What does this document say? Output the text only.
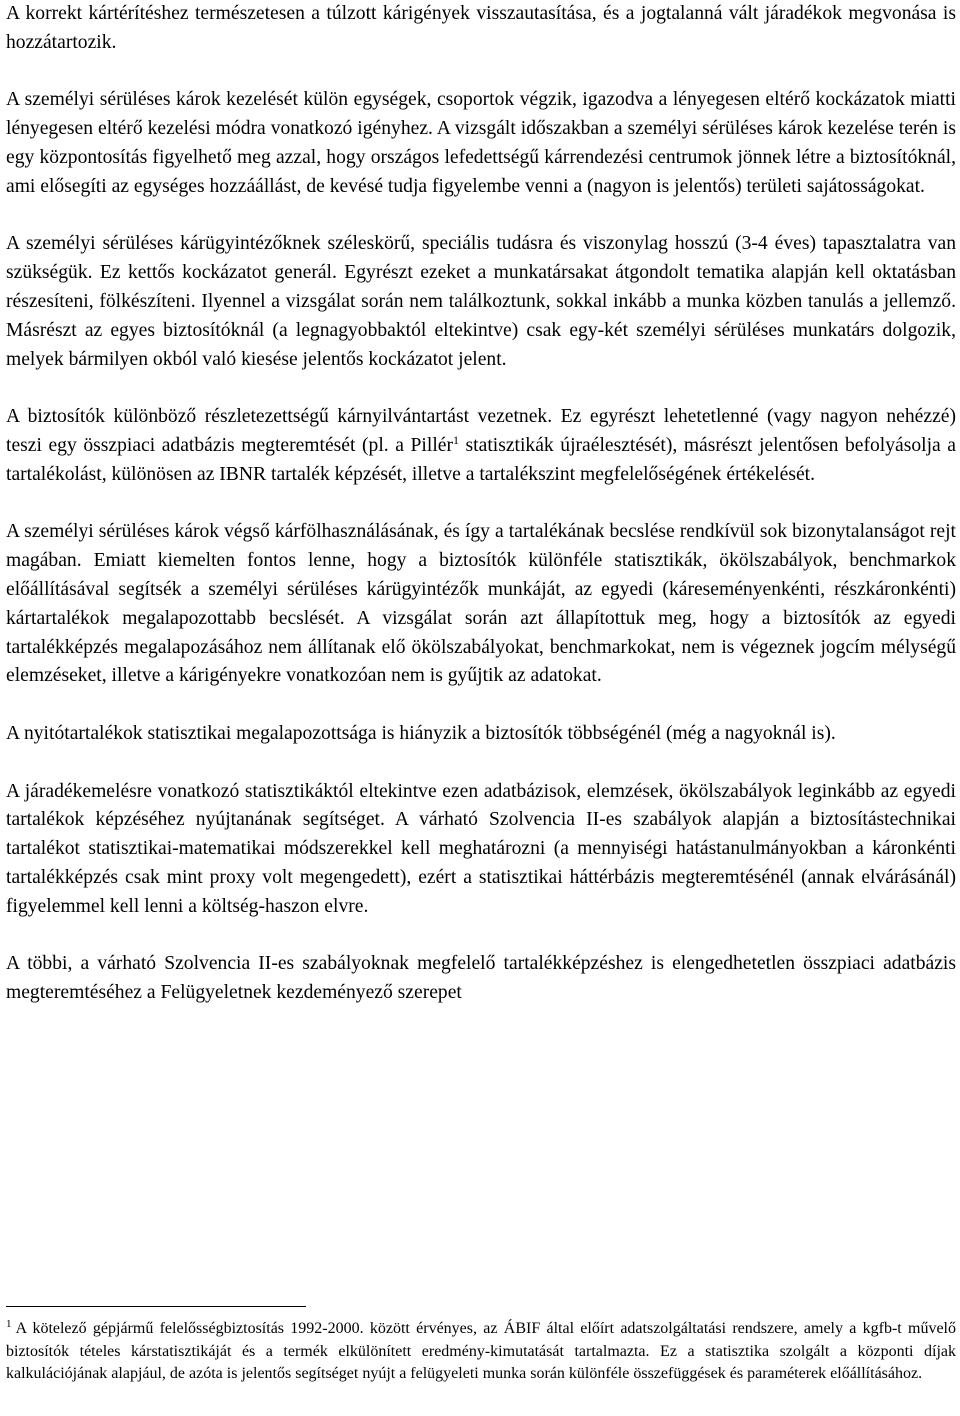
A korrekt kártérítéshez természetesen a túlzott kárigények visszautasítása, és a jogtalanná vált járadékok megvonása is hozzátartozik.

A személyi sérüléses károk kezelését külön egységek, csoportok végzik, igazodva a lényegesen eltérő kockázatok miatti lényegesen eltérő kezelési módra vonatkozó igényhez. A vizsgált időszakban a személyi sérüléses károk kezelése terén is egy központosítás figyelhető meg azzal, hogy országos lefedettségű kárrendezési centrumok jönnek létre a biztosítóknál, ami elősegíti az egységes hozzáállást, de kevésé tudja figyelembe venni a (nagyon is jelentős) területi sajátosságokat.

A személyi sérüléses kárügyintézőknek széleskörű, speciális tudásra és viszonylag hosszú (3-4 éves) tapasztalatra van szükségük. Ez kettős kockázatot generál. Egyrészt ezeket a munkatársakat átgondolt tematika alapján kell oktatásban részesíteni, fölkészíteni. Ilyennel a vizsgálat során nem találkoztunk, sokkal inkább a munka közben tanulás a jellemző. Másrészt az egyes biztosítóknál (a legnagyobbaktól eltekintve) csak egy-két személyi sérüléses munkatárs dolgozik, melyek bármilyen okból való kiesése jelentős kockázatot jelent.

A biztosítók különböző részletezettségű kárnyilvántartást vezetnek. Ez egyrészt lehetetlenné (vagy nagyon nehézzé) teszi egy összpiaci adatbázis megteremtését (pl. a Pillér$^1$ statisztikák újraélesztését), másrészt jelentősen befolyásolja a tartalékolást, különösen az IBNR tartalék képzését, illetve a tartalékszint megfelelőségének értékelését.

A személyi sérüléses károk végső kárfölhasználásának, és így a tartalékának becslése rendkívül sok bizonytalanságot rejt magában. Emiatt kiemelten fontos lenne, hogy a biztosítók különféle statisztikák, ökölszabályok, benchmarkok előállításával segítsék a személyi sérüléses kárügyintézők munkáját, az egyedi (káreseményenkénti, részkáronkénti) kártartalékok megalapozottabb becslését. A vizsgálat során azt állapítottuk meg, hogy a biztosítók az egyedi tartalékképzés megalapozásához nem állítanak elő ökölszabályokat, benchmarkokat, nem is végeznek jogcím mélységű elemzéseket, illetve a kárigényekre vonatkozóan nem is gyűjtik az adatokat.

A nyitótartalékok statisztikai megalapozottsága is hiányzik a biztosítók többségénél (még a nagyoknál is).

A járadékemelésre vonatkozó statisztikáktól eltekintve ezen adatbázisok, elemzések, ökölszabályok leginkább az egyedi tartalékok képzéséhez nyújtanának segítséget. A várható Szolvencia II-es szabályok alapján a biztosítástechnikai tartalékot statisztikai-matematikai módszerekkel kell meghatározni (a mennyiségi hatástanulmányokban a káronkénti tartalékképzés csak mint proxy volt megengedett), ezért a statisztikai háttérbázis megteremtésénél (annak elvárásánál) figyelemmel kell lenni a költség-haszon elvre.

A többi, a várható Szolvencia II-es szabályoknak megfelelő tartalékképzéshez is elengedhetetlen összpiaci adatbázis megteremtéséhez a Felügyeletnek kezdeményező szerepet

$^1$ A kötelező gépjármű felelősségbiztosítás 1992-2000. között érvényes, az ÁBIF által előírt adatszolgáltatási rendszere, amely a kgfb-t művelő biztosítók tételes kárstatisztikáját és a termék elkülönített eredmény-kimutatását tartalmazta. Ez a statisztika szolgált a központi díjak kalkulációjának alapjául, de azóta is jelentős segítséget nyújt a felügyeleti munka során különféle összefüggések és paraméterek előállításához.
